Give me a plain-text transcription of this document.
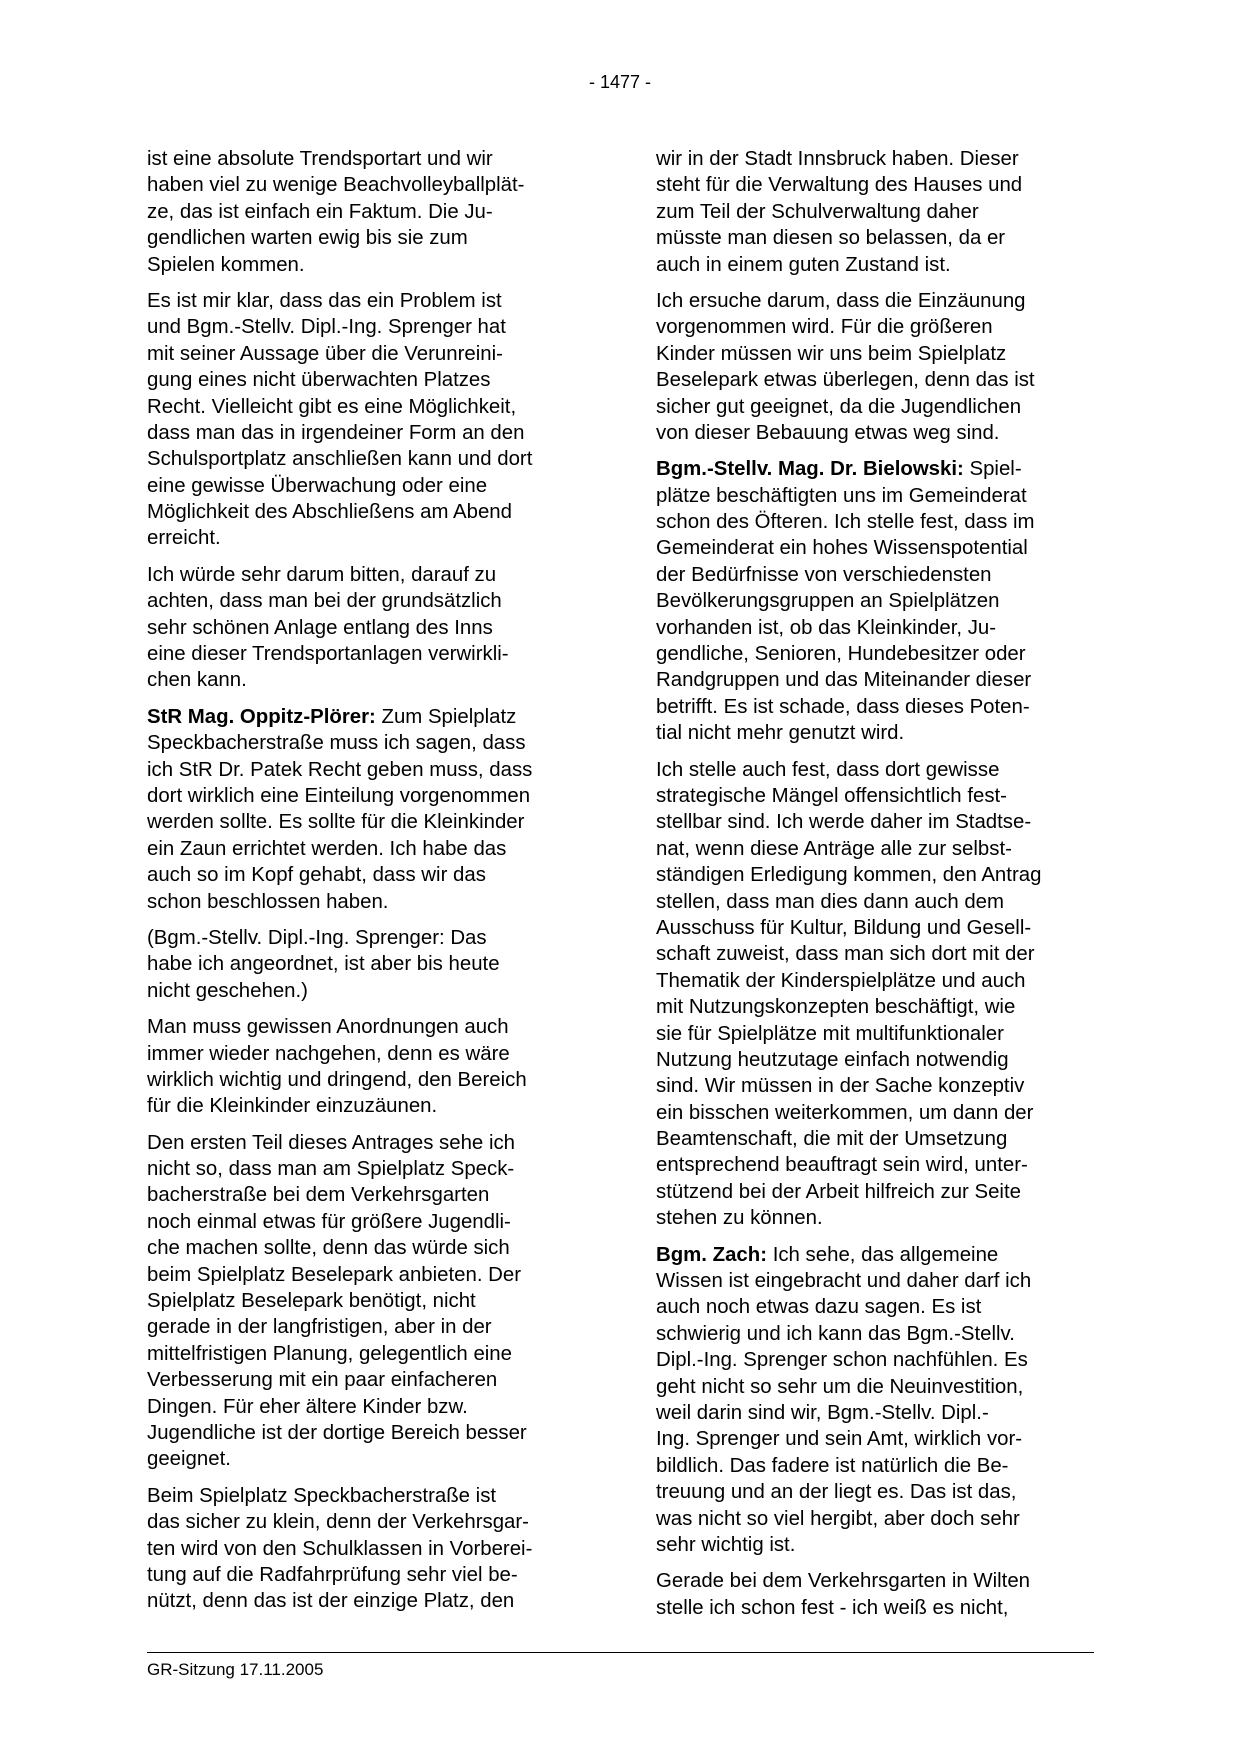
- 1477 -
ist eine absolute Trendsportart und wir
haben viel zu wenige Beachvolleyballplät-
ze, das ist einfach ein Faktum. Die Ju-
gendlichen warten ewig bis sie zum
Spielen kommen.
Es ist mir klar, dass das ein Problem ist
und Bgm.-Stellv. Dipl.-Ing. Sprenger hat
mit seiner Aussage über die Verunreini-
gung eines nicht überwachten Platzes
Recht. Vielleicht gibt es eine Möglichkeit,
dass man das in irgendeiner Form an den
Schulsportplatz anschließen kann und dort
eine gewisse Überwachung oder eine
Möglichkeit des Abschließens am Abend
erreicht.
Ich würde sehr darum bitten, darauf zu
achten, dass man bei der grundsätzlich
sehr schönen Anlage entlang des Inns
eine dieser Trendsportanlagen verwirkli-
chen kann.
StR Mag. Oppitz-Plörer: Zum Spielplatz
Speckbacherstraße muss ich sagen, dass
ich StR Dr. Patek Recht geben muss, dass
dort wirklich eine Einteilung vorgenommen
werden sollte. Es sollte für die Kleinkinder
ein Zaun errichtet werden. Ich habe das
auch so im Kopf gehabt, dass wir das
schon beschlossen haben.
(Bgm.-Stellv. Dipl.-Ing. Sprenger: Das
habe ich angeordnet, ist aber bis heute
nicht geschehen.)
Man muss gewissen Anordnungen auch
immer wieder nachgehen, denn es wäre
wirklich wichtig und dringend, den Bereich
für die Kleinkinder einzuzäunen.
Den ersten Teil dieses Antrages sehe ich
nicht so, dass man am Spielplatz Speck-
bacherstraße bei dem Verkehrsgarten
noch einmal etwas für größere Jugendli-
che machen sollte, denn das würde sich
beim Spielplatz Beselepark anbieten. Der
Spielplatz Beselepark benötigt, nicht
gerade in der langfristigen, aber in der
mittelfristigen Planung, gelegentlich eine
Verbesserung mit ein paar einfacheren
Dingen. Für eher ältere Kinder bzw.
Jugendliche ist der dortige Bereich besser
geeignet.
Beim Spielplatz Speckbacherstraße ist
das sicher zu klein, denn der Verkehrsgar-
ten wird von den Schulklassen in Vorberei-
tung auf die Radfahrprüfung sehr viel be-
nützt, denn das ist der einzige Platz, den
wir in der Stadt Innsbruck haben. Dieser
steht für die Verwaltung des Hauses und
zum Teil der Schulverwaltung daher
müsste man diesen so belassen, da er
auch in einem guten Zustand ist.
Ich ersuche darum, dass die Einzäunung
vorgenommen wird. Für die größeren
Kinder müssen wir uns beim Spielplatz
Beselepark etwas überlegen, denn das ist
sicher gut geeignet, da die Jugendlichen
von dieser Bebauung etwas weg sind.
Bgm.-Stellv. Mag. Dr. Bielowski: Spiel-
plätze beschäftigten uns im Gemeinderat
schon des Öfteren. Ich stelle fest, dass im
Gemeinderat ein hohes Wissenspotential
der Bedürfnisse von verschiedensten
Bevölkerungsgruppen an Spielplätzen
vorhanden ist, ob das Kleinkinder, Ju-
gendliche, Senioren, Hundebesitzer oder
Randgruppen und das Miteinander dieser
betrifft. Es ist schade, dass dieses Poten-
tial nicht mehr genutzt wird.
Ich stelle auch fest, dass dort gewisse
strategische Mängel offensichtlich fest-
stellbar sind. Ich werde daher im Stadtse-
nat, wenn diese Anträge alle zur selbst-
ständigen Erledigung kommen, den Antrag
stellen, dass man dies dann auch dem
Ausschuss für Kultur, Bildung und Gesell-
schaft zuweist, dass man sich dort mit der
Thematik der Kinderspielplätze und auch
mit Nutzungskonzepten beschäftigt, wie
sie für Spielplätze mit multifunktionaler
Nutzung heutzutage einfach notwendig
sind. Wir müssen in der Sache konzeptiv
ein bisschen weiterkommen, um dann der
Beamtenschaft, die mit der Umsetzung
entsprechend beauftragt sein wird, unter-
stützend bei der Arbeit hilfreich zur Seite
stehen zu können.
Bgm. Zach: Ich sehe, das allgemeine
Wissen ist eingebracht und daher darf ich
auch noch etwas dazu sagen. Es ist
schwierig und ich kann das Bgm.-Stellv.
Dipl.-Ing. Sprenger schon nachfühlen. Es
geht nicht so sehr um die Neuinvestition,
weil darin sind wir, Bgm.-Stellv. Dipl.-
Ing. Sprenger und sein Amt, wirklich vor-
bildlich. Das fadere ist natürlich die Be-
treuung und an der liegt es. Das ist das,
was nicht so viel hergibt, aber doch sehr
sehr wichtig ist.
Gerade bei dem Verkehrsgarten in Wilten
stelle ich schon fest - ich weiß es nicht,
GR-Sitzung 17.11.2005
